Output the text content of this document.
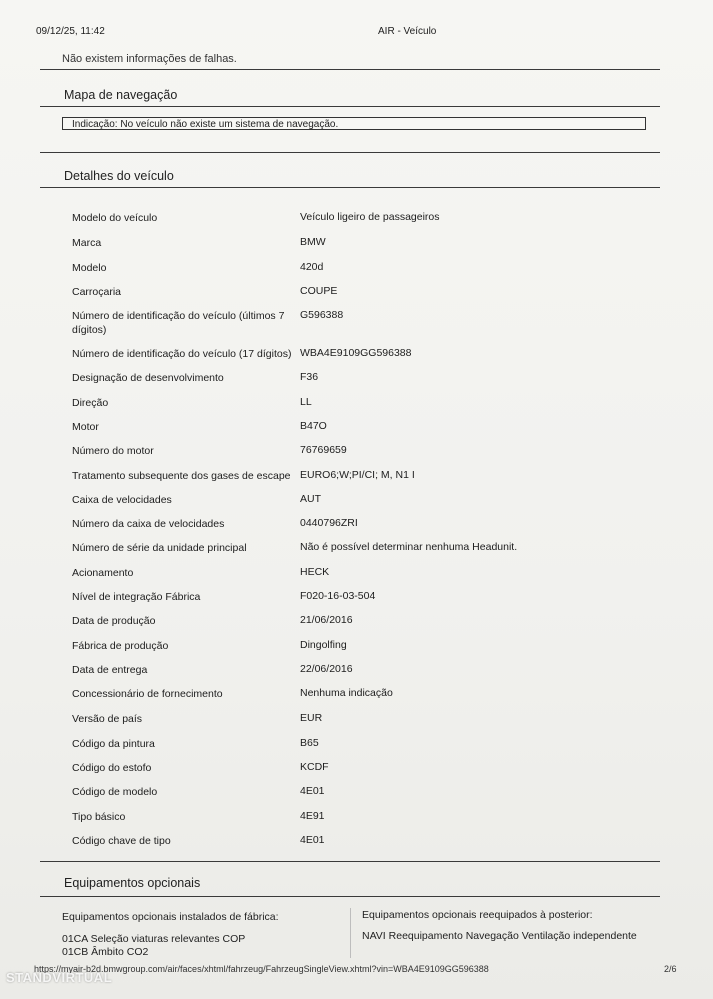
09/12/25, 11:42	AIR - Veículo
Não existem informações de falhas.
Mapa de navegação
Indicação: No veículo não existe um sistema de navegação.
Detalhes do veículo
Modelo do veículo	Veículo ligeiro de passageiros
Marca	BMW
Modelo	420d
Carroçaria	COUPE
Número de identificação do veículo (últimos 7 dígitos)
G596388
Número de identificação do veículo (17 dígitos) WBA4E9109GG596388
Designação de desenvolvimento	F36
Direção	LL
Motor	B47O
Número do motor	76769659
Tratamento subsequente dos gases de escape EURO6;W;PI/CI; M, N1 I
Caixa de velocidades	AUT
Número da caixa de velocidades	0440796ZRI
Número de série da unidade principal	Não é possível determinar nenhuma Headunit.
Acionamento	HECK
Nível de integração Fábrica	F020-16-03-504
Data de produção	21/06/2016
Fábrica de produção	Dingolfing
Data de entrega	22/06/2016
Concessionário de fornecimento	Nenhuma indicação
Versão de país	EUR
Código da pintura	B65
Código do estofo	KCDF
Código de modelo	4E01
Tipo básico	4E91
Código chave de tipo	4E01
Equipamentos opcionais
Equipamentos opcionais instalados de fábrica:
01CA Seleção viaturas relevantes COP
01CB Âmbito CO2
Equipamentos opcionais reequipados à posterior:
NAVI Reequipamento Navegação Ventilação independente
https://myair-b2d.bmwgroup.com/air/faces/xhtml/fahrzeug/FahrzeugSingleView.xhtml?vin=WBA4E9109GG596388	2/6
STANDVIRTUAL
